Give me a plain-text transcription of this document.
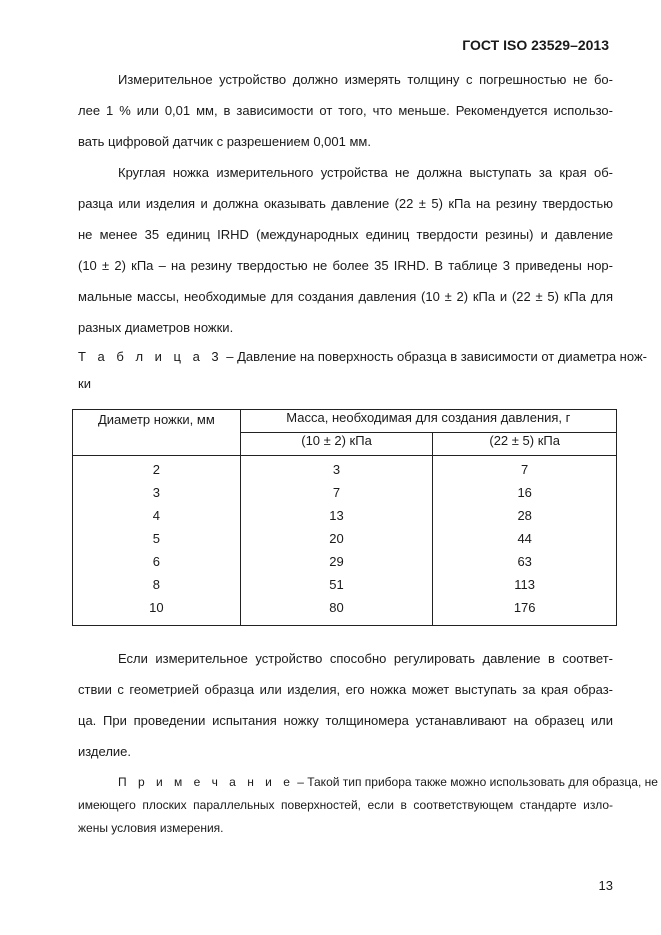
ГОСТ ISO 23529–2013
Измерительное устройство должно измерять толщину с погрешностью не бо-
лее 1 % или 0,01 мм, в зависимости от того, что меньше. Рекомендуется использо-
вать цифровой датчик с разрешением 0,001 мм.
Круглая ножка измерительного устройства не должна выступать за края об-
разца или изделия и должна оказывать давление (22 ± 5) кПа на резину твердостью
не менее 35 единиц IRHD (международных единиц твердости резины) и давление
(10 ± 2) кПа – на резину твердостью не более 35 IRHD. В таблице 3 приведены нор-
мальные массы, необходимые для создания давления (10 ± 2) кПа и (22 ± 5) кПа для
разных диаметров ножки.
Т а б л и ц а 3 – Давление на поверхность образца в зависимости от диаметра нож-
ки
Диаметр ножки, мм	Масса, необходимая для создания давления, г	
	(10 ± 2) кПа	(22 ± 5) кПа
2	3	7
3	7	16
4	13	28
5	20	44
6	29	63
8	51	113
10	80	176
Если измерительное устройство способно регулировать давление в соответ-
ствии с геометрией образца или изделия, его ножка может выступать за края образ-
ца. При проведении испытания ножку толщиномера устанавливают на образец или
изделие.
П р и м е ч а н и е – Такой тип прибора также можно использовать для образца, не
имеющего плоских параллельных поверхностей, если в соответствующем стандарте изло-
жены условия измерения.
13
